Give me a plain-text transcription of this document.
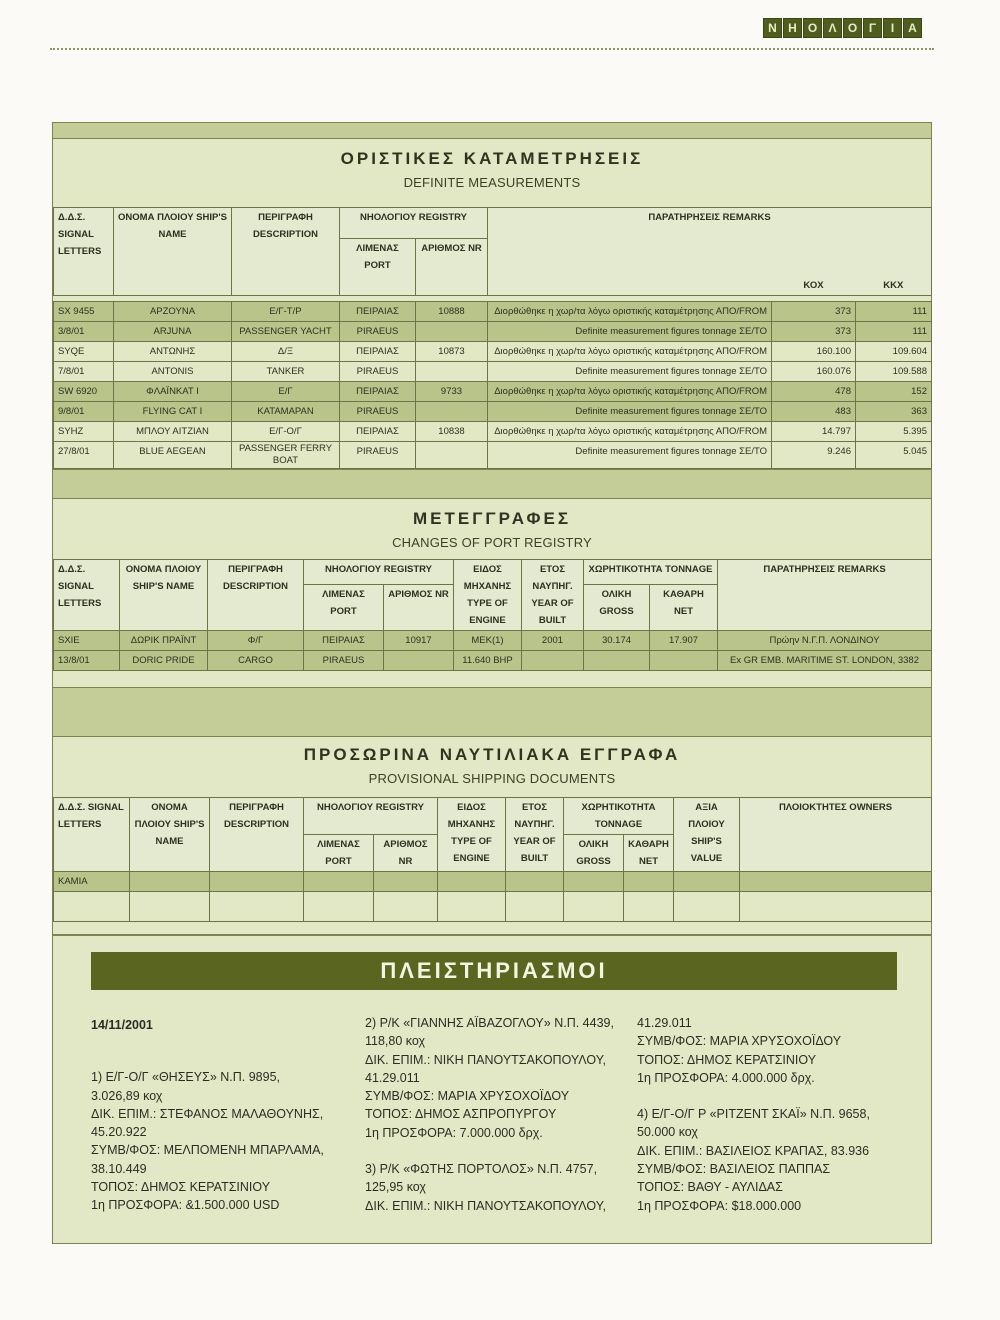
Ν Η Ο Λ Ο Γ	Ι	Α
ΟΡΙΣΤΙΚΕΣ ΚΑΤΑΜΕΤΡΗΣΕΙΣ
DEFINITE MEASUREMENTS
Δ.Δ.Σ. SIGNAL LETTERS	ΟΝΟΜΑ ΠΛΟΙΟΥ SHIP'S NAME	ΠΕΡΙΓΡΑΦΗ DESCRIPTION	ΝΗΟΛΟΓΙΟΥ REGISTRY		ΠΑΡΑΤΗΡΗΣΕΙΣ REMARKS		
			ΛΙΜΕΝΑΣ PORT	ΑΡΙΘΜΟΣ NR		ΚΟΧ	ΚΚΧ

SX 9455	ΑΡΖΟΥΝΑ	Ε/Γ-Τ/Ρ	ΠΕΙΡΑΙΑΣ	10888	Διορθώθηκε η χωρ/τα λόγω οριστικής καταμέτρησης ΑΠΟ/FROM	373	111
3/8/01	ARJUNA	PASSENGER YACHT	PIRAEUS		Definite measurement figures tonnage ΣΕ/TO	373	111
SYQE	ΑΝΤΩΝΗΣ	Δ/Ξ	ΠΕΙΡΑΙΑΣ	10873	Διορθώθηκε η χωρ/τα λόγω οριστικής καταμέτρησης ΑΠΟ/FROM	160.100	109.604
7/8/01	ANTONIS	TANKER	PIRAEUS		Definite measurement figures tonnage ΣΕ/TO	160.076	109.588
SW 6920	ΦΛΑΪΝΚΑΤ Ι	Ε/Γ	ΠΕΙΡΑΙΑΣ	9733	Διορθώθηκε η χωρ/τα λόγω οριστικής καταμέτρησης ΑΠΟ/FROM	478	152
9/8/01	FLYING CAT I	ΚΑΤΑΜΑΡΑΝ	PIRAEUS		Definite measurement figures tonnage ΣΕ/TO	483	363
SYHZ	ΜΠΛΟΥ ΑΙΤΖΙΑΝ	Ε/Γ-Ο/Γ	ΠΕΙΡΑΙΑΣ	10838	Διορθώθηκε η χωρ/τα λόγω οριστικής καταμέτρησης ΑΠΟ/FROM	14.797	5.395
27/8/01	BLUE AEGEAN	PASSENGER FERRY BOAT	PIRAEUS		Definite measurement figures tonnage ΣΕ/TO	9.246	5.045
ΜΕΤΕΓΓΡΑΦΕΣ
CHANGES OF PORT REGISTRY
Δ.Δ.Σ. SIGNAL LETTERS	ΟΝΟΜΑ ΠΛΟΙΟΥ SHIP'S NAME	ΠΕΡΙΓΡΑΦΗ DESCRIPTION	ΝΗΟΛΟΓΙΟΥ REGISTRY		ΕΙΔΟΣ ΜΗΧΑΝΗΣ TYPE OF ENGINE	ΕΤΟΣ ΝΑΥΠΗΓ. YEAR OF BUILT	ΧΩΡΗΤΙΚΟΤΗΤΑ TONNAGE		ΠΑΡΑΤΗΡΗΣΕΙΣ REMARKS
			ΛΙΜΕΝΑΣ PORT	ΑΡΙΘΜΟΣ NR			ΟΛΙΚΗ GROSS	ΚΑΘΑΡΗ NET	
SXIE	ΔΩΡΙΚ ΠΡΑΪΝΤ	Φ/Γ	ΠΕΙΡΑΙΑΣ	10917	ΜΕΚ(1)	2001	30.174	17.907	Πρώην Ν.Γ.Π. ΛΟΝΔΙΝΟΥ
13/8/01	DORIC PRIDE	CARGO	PIRAEUS		11.640 BHP				Ex GR EMB. MARITIME ST. LONDON, 3382
ΠΡΟΣΩΡΙΝΑ ΝΑΥΤΙΛΙΑΚΑ ΕΓΓΡΑΦΑ
PROVISIONAL SHIPPING DOCUMENTS
Δ.Δ.Σ. SIGNAL LETTERS	ΟΝΟΜΑ ΠΛΟΙΟΥ SHIP'S NAME	ΠΕΡΙΓΡΑΦΗ DESCRIPTION	ΝΗΟΛΟΓΙΟΥ REGISTRY		ΕΙΔΟΣ ΜΗΧΑΝΗΣ TYPE OF ENGINE	ΕΤΟΣ ΝΑΥΠΗΓ. YEAR OF BUILT	ΧΩΡΗΤΙΚΟΤΗΤΑ TONNAGE		ΑΞΙΑ ΠΛΟΙΟΥ SHIP'S VALUE	ΠΛΟΙΟΚΤΗΤΕΣ OWNERS
			ΛΙΜΕΝΑΣ PORT	ΑΡΙΘΜΟΣ NR			ΟΛΙΚΗ GROSS	ΚΑΘΑΡΗ NET		
ΚΑΜΙΑ										

ΠΛΕΙΣΤΗΡΙΑΣΜΟΙ
14/11/2001
1) Ε/Γ-Ο/Γ «ΘΗΣΕΥΣ» Ν.Π. 9895,
3.026,89 κοχ
ΔΙΚ. ΕΠΙΜ.: ΣΤΕΦΑΝΟΣ ΜΑΛΑΘΟΥΝΗΣ,
45.20.922
ΣΥΜΒ/ΦΟΣ: ΜΕΛΠΟΜΕΝΗ ΜΠΑΡΛΑΜΑ,
38.10.449
ΤΟΠΟΣ: ΔΗΜΟΣ ΚΕΡΑΤΣΙΝΙΟΥ
1η ΠΡΟΣΦΟΡΑ: &1.500.000 USD
2) Ρ/Κ «ΓΙΑΝΝΗΣ ΑΪΒΑΖΟΓΛΟΥ» Ν.Π. 4439,
118,80 κοχ
ΔΙΚ. ΕΠΙΜ.: ΝΙΚΗ ΠΑΝΟΥΤΣΑΚΟΠΟΥΛΟΥ,
41.29.011
ΣΥΜΒ/ΦΟΣ: ΜΑΡΙΑ ΧΡΥΣΟΧΟΪΔΟΥ
ΤΟΠΟΣ: ΔΗΜΟΣ ΑΣΠΡΟΠΥΡΓΟΥ
1η ΠΡΟΣΦΟΡΑ: 7.000.000 δρχ.
3) Ρ/Κ «ΦΩΤΗΣ ΠΟΡΤΟΛΟΣ» Ν.Π. 4757,
125,95 κοχ
ΔΙΚ. ΕΠΙΜ.: ΝΙΚΗ ΠΑΝΟΥΤΣΑΚΟΠΟΥΛΟΥ,
41.29.011
ΣΥΜΒ/ΦΟΣ: ΜΑΡΙΑ ΧΡΥΣΟΧΟΪΔΟΥ
ΤΟΠΟΣ: ΔΗΜΟΣ ΚΕΡΑΤΣΙΝΙΟΥ
1η ΠΡΟΣΦΟΡΑ: 4.000.000 δρχ.
4) Ε/Γ-Ο/Γ Ρ «ΡΙΤΖΕΝΤ ΣΚΑΪ» Ν.Π. 9658,
50.000 κοχ
ΔΙΚ. ΕΠΙΜ.: ΒΑΣΙΛΕΙΟΣ ΚΡΑΠΑΣ, 83.936
ΣΥΜΒ/ΦΟΣ: ΒΑΣΙΛΕΙΟΣ ΠΑΠΠΑΣ
ΤΟΠΟΣ: ΒΑΘΥ - ΑΥΛΙΔΑΣ
1η ΠΡΟΣΦΟΡΑ: $18.000.000
